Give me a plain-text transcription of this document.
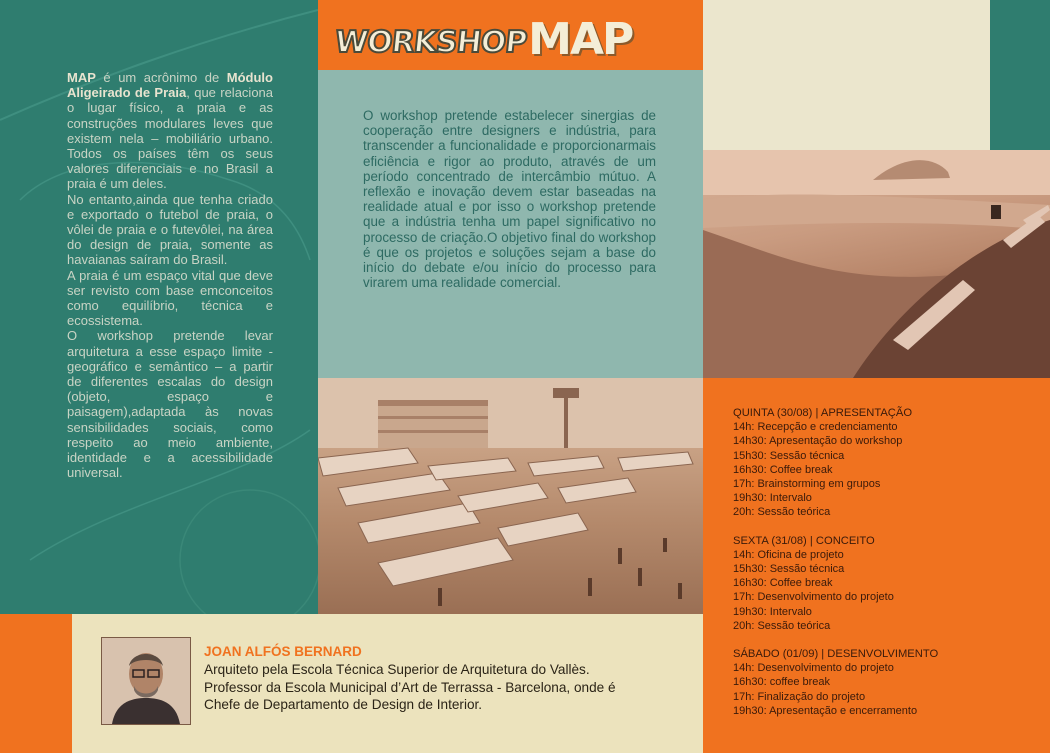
WORKSHOP MAP

MAP é um acrônimo de Módulo Aligeirado de Praia, que relaciona o lugar físico, a praia e as construções modulares leves que existem nela – mobiliário urbano. Todos os países têm os seus valores diferenciais e no Brasil a praia é um deles.

No entanto,ainda que tenha criado e exportado o futebol de praia, o vôlei de praia e o futevôlei, na área do design de praia, somente as havaianas saíram do Brasil.

A praia é um espaço vital que deve ser revisto com base emconceitos como equilíbrio, técnica e ecossistema.

O workshop pretende levar arquitetura a esse espaço limite - geográfico e semântico – a partir de diferentes escalas do design (objeto, espaço e paisagem),adaptada às novas sensibilidades sociais, como respeito ao meio ambiente, identidade e a acessibilidade universal.

O workshop pretende estabelecer sinergias de cooperação entre designers e indústria, para transcender a funcionalidade e proporcionarmais eficiência e rigor ao produto, através de um período concentrado de intercâmbio mútuo. A reflexão e inovação devem estar baseadas na realidade atual e por isso o workshop pretende que a indústria tenha um papel significativo no processo de criação.O objetivo final do workshop é que os projetos e soluções sejam a base do início do debate e/ou início do processo para virarem uma realidade comercial.
QUINTA (30/08) | APRESENTAÇÃO
14h: Recepção e credenciamento
14h30: Apresentação do workshop
15h30: Sessão técnica
16h30: Coffee break
17h: Brainstorming em grupos
19h30: Intervalo
20h: Sessão teórica
SEXTA (31/08) | CONCEITO
14h: Oficina de projeto
15h30: Sessão técnica
16h30: Coffee break
17h: Desenvolvimento do projeto
19h30: Intervalo
20h: Sessão teórica
SÁBADO (01/09) | DESENVOLVIMENTO
14h: Desenvolvimento do projeto
16h30: coffee break
17h: Finalização do projeto
19h30: Apresentação e encerramento
JOAN ALFÓS BERNARD
Arquiteto pela Escola Técnica Superior de Arquitetura do Vallès.
Professor da Escola Municipal d’Art de Terrassa - Barcelona, onde é
Chefe de Departamento de Design de Interior.
